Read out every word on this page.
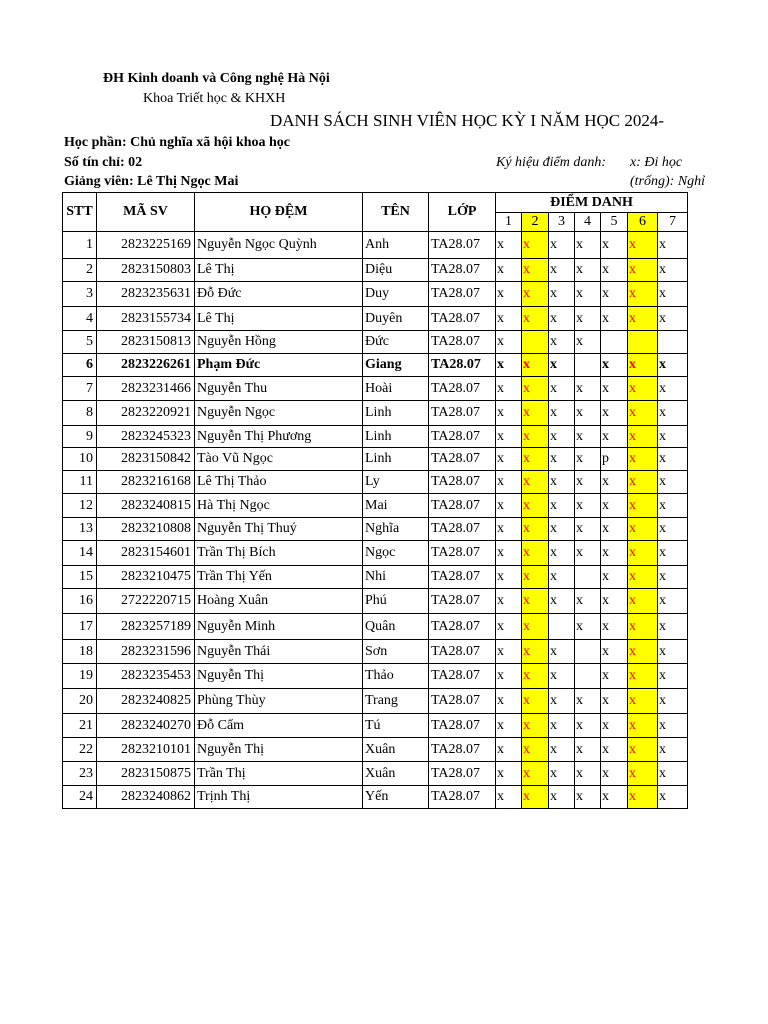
ĐH Kinh doanh và Công nghệ Hà Nội
Khoa Triết học & KHXH
DANH SÁCH SINH VIÊN HỌC KỲ I NĂM HỌC 2024-
Học phần: Chủ nghĩa xã hội khoa học
Số tín chỉ: 02
Giảng viên: Lê Thị Ngọc Mai
Ký hiệu điểm danh: x: Đi học
(trống): Nghỉ
STT	MÃ SV	HỌ ĐỆM	TÊN	LỚP	ĐIỂM DANH						
					1	2	3	4	5	6	7
1	2823225169	Nguyễn Ngọc Quỳnh	Anh	TA28.07	x	x	x	x	x	x	x
2	2823150803	Lê Thị	Diệu	TA28.07	x	x	x	x	x	x	x
3	2823235631	Đỗ Đức	Duy	TA28.07	x	x	x	x	x	x	x
4	2823155734	Lê Thị	Duyên	TA28.07	x	x	x	x	x	x	x
5	2823150813	Nguyễn Hồng	Đức	TA28.07	x		x	x			
6	2823226261	Phạm Đức	Giang	TA28.07	x	x	x		x	x	x
7	2823231466	Nguyễn Thu	Hoài	TA28.07	x	x	x	x	x	x	x
8	2823220921	Nguyễn Ngọc	Linh	TA28.07	x	x	x	x	x	x	x
9	2823245323	Nguyễn Thị Phương	Linh	TA28.07	x	x	x	x	x	x	x
10	2823150842	Tào Vũ Ngọc	Linh	TA28.07	x	x	x	x	p	x	x
11	2823216168	Lê Thị Thảo	Ly	TA28.07	x	x	x	x	x	x	x
12	2823240815	Hà Thị Ngọc	Mai	TA28.07	x	x	x	x	x	x	x
13	2823210808	Nguyễn Thị Thuý	Nghĩa	TA28.07	x	x	x	x	x	x	x
14	2823154601	Trần Thị Bích	Ngọc	TA28.07	x	x	x	x	x	x	x
15	2823210475	Trần Thị Yến	Nhi	TA28.07	x	x	x		x	x	x
16	2722220715	Hoàng Xuân	Phú	TA28.07	x	x	x	x	x	x	x
17	2823257189	Nguyễn Minh	Quân	TA28.07	x	x		x	x	x	x
18	2823231596	Nguyễn Thái	Sơn	TA28.07	x	x	x		x	x	x
19	2823235453	Nguyễn Thị	Thảo	TA28.07	x	x	x		x	x	x
20	2823240825	Phùng Thùy	Trang	TA28.07	x	x	x	x	x	x	x
21	2823240270	Đỗ Cẩm	Tú	TA28.07	x	x	x	x	x	x	x
22	2823210101	Nguyễn Thị	Xuân	TA28.07	x	x	x	x	x	x	x
23	2823150875	Trần Thị	Xuân	TA28.07	x	x	x	x	x	x	x
24	2823240862	Trịnh Thị	Yến	TA28.07	x	x	x	x	x	x	x
